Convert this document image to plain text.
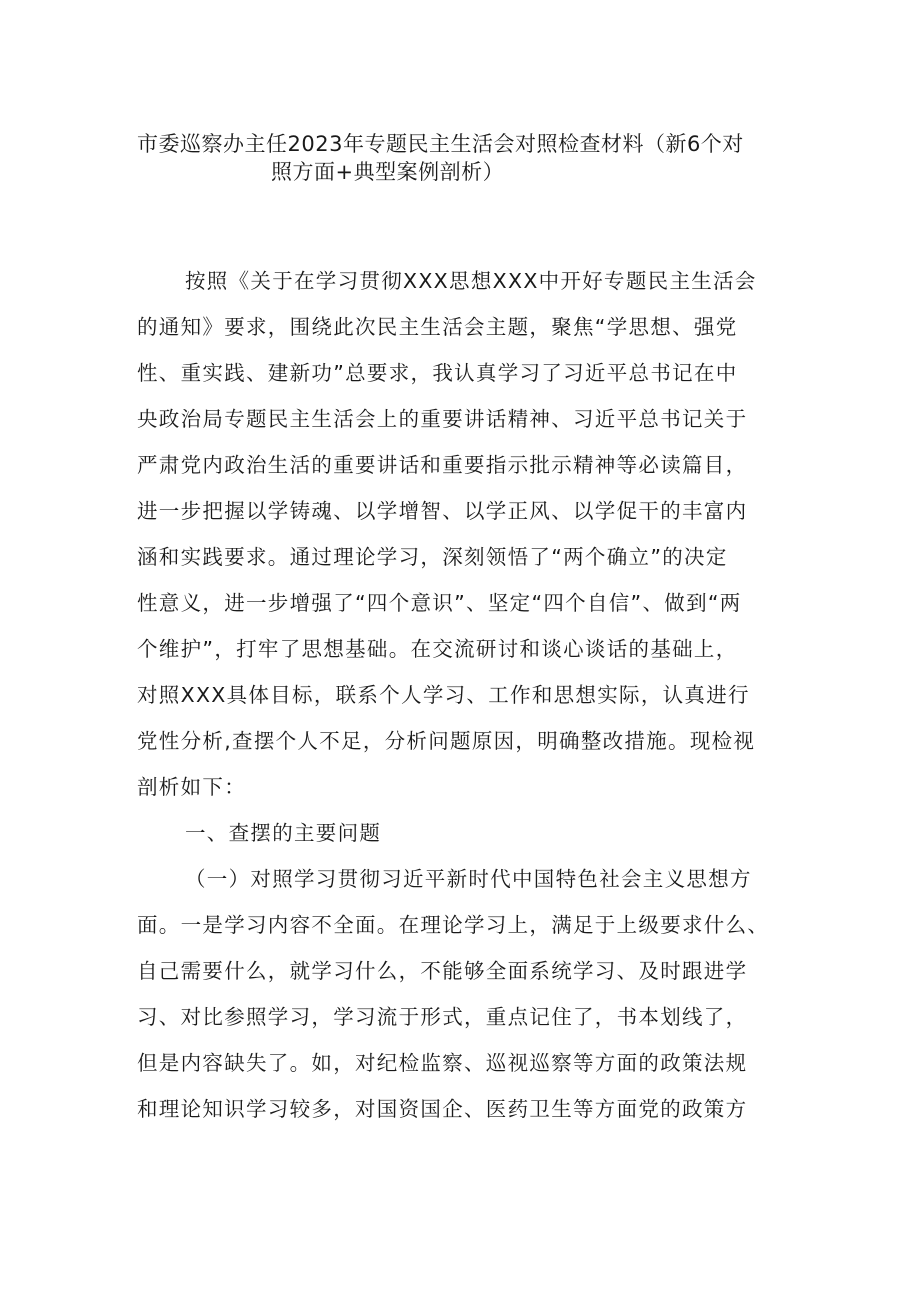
市委巡察办主任2023年专题民主生活会对照检查材料（新6个对
照方面+典型案例剖析）
按照《关于在学习贯彻XXX思想XXX中开好专题民主生活会
的通知》要求，围绕此次民主生活会主题，聚焦“学思想、强党
性、重实践、建新功”总要求，我认真学习了习近平总书记在中
央政治局专题民主生活会上的重要讲话精神、习近平总书记关于
严肃党内政治生活的重要讲话和重要指示批示精神等必读篇目，
进一步把握以学铸魂、以学增智、以学正风、以学促干的丰富内
涵和实践要求。通过理论学习，深刻领悟了“两个确立”的决定
性意义，进一步增强了“四个意识”、坚定“四个自信”、做到“两
个维护”，打牢了思想基础。在交流研讨和谈心谈话的基础上，
对照XXX具体目标，联系个人学习、工作和思想实际，认真进行
党性分析,查摆个人不足，分析问题原因，明确整改措施。现检视
剖析如下：
一、查摆的主要问题
（一）对照学习贯彻习近平新时代中国特色社会主义思想方
面。一是学习内容不全面。在理论学习上，满足于上级要求什么、
自己需要什么，就学习什么，不能够全面系统学习、及时跟进学
习、对比参照学习，学习流于形式，重点记住了，书本划线了，
但是内容缺失了。如，对纪检监察、巡视巡察等方面的政策法规
和理论知识学习较多，对国资国企、医药卫生等方面党的政策方
